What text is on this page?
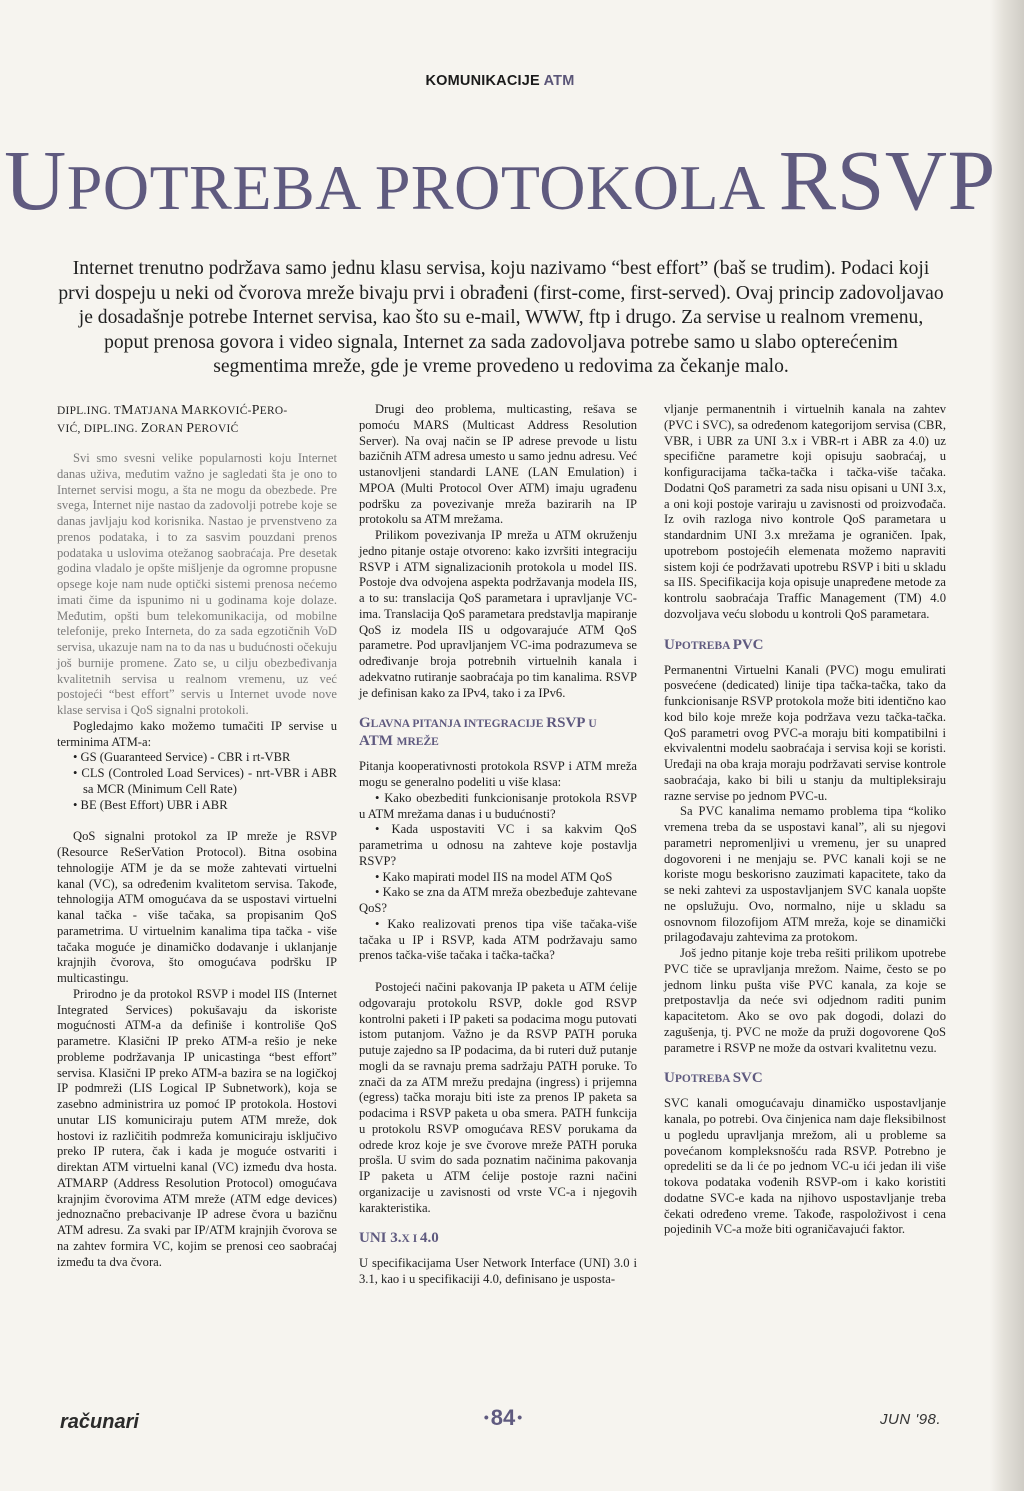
KOMUNIKACIJE ATM
UPOTREBA PROTOKOLA RSVP
Internet trenutno podržava samo jednu klasu servisa, koju nazivamo “best effort” (baš se trudim). Podaci koji prvi dospeju u neki od čvorova mreže bivaju prvi i obrađeni (first-come, first-served). Ovaj princip zadovoljavao je dosadašnje potrebe Internet servisa, kao što su e-mail, WWW, ftp i drugo. Za servise u realnom vremenu, poput prenosa govora i video signala, Internet za sada zadovoljava potrebe samo u slabo opterećenim segmentima mreže, gde je vreme provedeno u redovima za čekanje malo.

DIPL.ING. TMATJANA MARKOVIĆ-PERO-
VIĆ, DIPL.ING. ZORAN PEROVIĆ

Svi smo svesni velike popularnosti koju Internet danas uživa, međutim važno je sagledati šta je ono to Internet servisi mogu, a šta ne mogu da obezbede. Pre svega, Internet nije nastao da zadovolji potrebe koje se danas javljaju kod korisnika. Nastao je prvenstveno za prenos podataka, i to za sasvim pouzdani prenos podataka u uslovima otežanog saobraćaja. Pre desetak godina vladalo je opšte mišljenje da ogromne propusne opsege koje nam nude optički sistemi prenosa nećemo imati čime da ispunimo ni u godinama koje dolaze. Međutim, opšti bum telekomunikacija, od mobilne telefonije, preko Interneta, do za sada egzotičnih VoD servisa, ukazuje nam na to da nas u budućnosti očekuju još burnije promene. Zato se, u cilju obezbeđivanja kvalitetnih servisa u realnom vremenu, uz već postojeći “best effort” servis u Internet uvode nove klase servisa i QoS signalni protokoli.

Pogledajmo kako možemo tumačiti IP servise u terminima ATM-a:

• GS (Guaranteed Service) - CBR i rt-VBR

• CLS (Controled Load Services) - nrt-VBR i ABR sa MCR (Minimum Cell Rate)

• BE (Best Effort) UBR i ABR

QoS signalni protokol za IP mreže je RSVP (Resource ReSerVation Protocol). Bitna osobina tehnologije ATM je da se može zahtevati virtuelni kanal (VC), sa određenim kvalitetom servisa. Takođe, tehnologija ATM omogućava da se uspostavi virtuelni kanal tačka - više tačaka, sa propisanim QoS parametrima. U virtuelnim kanalima tipa tačka - više tačaka moguće je dinamičko dodavanje i uklanjanje krajnjih čvorova, što omogućava podršku IP multicastingu.

Prirodno je da protokol RSVP i model IIS (Internet Integrated Services) pokušavaju da iskoriste mogućnosti ATM-a da definiše i kontroliše QoS parametre. Klasični IP preko ATM-a rešio je neke probleme podržavanja IP unicastinga “best effort” servisa. Klasični IP preko ATM-a bazira se na logičkoj IP podmreži (LIS Logical IP Subnetwork), koja se zasebno administrira uz pomoć IP protokola. Hostovi unutar LIS komuniciraju putem ATM mreže, dok hostovi iz različitih podmreža komuniciraju isključivo preko IP rutera, čak i kada je moguće ostvariti i direktan ATM virtuelni kanal (VC) između dva hosta. ATMARP (Address Resolution Protocol) omogućava krajnjim čvorovima ATM mreže (ATM edge devices) jednoznačno prebacivanje IP adrese čvora u bazičnu ATM adresu. Za svaki par IP/ATM krajnjih čvorova se na zahtev formira VC, kojim se prenosi ceo saobraćaj između ta dva čvora.

Drugi deo problema, multicasting, rešava se pomoću MARS (Multicast Address Resolution Server). Na ovaj način se IP adrese prevode u listu bazičnih ATM adresa umesto u samo jednu adresu. Već ustanovljeni standardi LANE (LAN Emulation) i MPOA (Multi Protocol Over ATM) imaju ugrađenu podršku za povezivanje mreža bazirarih na IP protokolu sa ATM mrežama.

Prilikom povezivanja IP mreža u ATM okruženju jedno pitanje ostaje otvoreno: kako izvršiti integraciju RSVP i ATM signalizacionih protokola u model IIS. Postoje dva odvojena aspekta podržavanja modela IIS, a to su: translacija QoS parametara i upravljanje VC-ima. Translacija QoS parametara predstavlja mapiranje QoS iz modela IIS u odgovarajuće ATM QoS parametre. Pod upravljanjem VC-ima podrazumeva se određivanje broja potrebnih virtuelnih kanala i adekvatno rutiranje saobraćaja po tim kanalima. RSVP je definisan kako za IPv4, tako i za IPv6.

GLAVNA PITANJA INTEGRACIJE RSVP U
ATM MREŽE

Pitanja kooperativnosti protokola RSVP i ATM mreža mogu se generalno podeliti u više klasa:

• Kako obezbediti funkcionisanje protokola RSVP u ATM mrežama danas i u budućnosti?

• Kada uspostaviti VC i sa kakvim QoS parametrima u odnosu na zahteve koje postavlja RSVP?

• Kako mapirati model IIS na model ATM QoS

• Kako se zna da ATM mreža obezbeđuje zahtevane QoS?

• Kako realizovati prenos tipa više tačaka-više tačaka u IP i RSVP, kada ATM podržavaju samo prenos tačka-više tačaka i tačka-tačka?

Postojeći načini pakovanja IP paketa u ATM ćelije odgovaraju protokolu RSVP, dokle god RSVP kontrolni paketi i IP paketi sa podacima mogu putovati istom putanjom. Važno je da RSVP PATH poruka putuje zajedno sa IP podacima, da bi ruteri duž putanje mogli da se ravnaju prema sadržaju PATH poruke. To znači da za ATM mrežu predajna (ingress) i prijemna (egress) tačka moraju biti iste za prenos IP paketa sa podacima i RSVP paketa u oba smera. PATH funkcija u protokolu RSVP omogućava RESV porukama da odrede kroz koje je sve čvorove mreže PATH poruka prošla. U svim do sada poznatim načinima pakovanja IP paketa u ATM ćelije postoje razni načini organizacije u zavisnosti od vrste VC-a i njegovih karakteristika.

UNI 3.X I 4.0

U specifikacijama User Network Interface (UNI) 3.0 i 3.1, kao i u specifikaciji 4.0, definisano je usposta-

vljanje permanentnih i virtuelnih kanala na zahtev (PVC i SVC), sa određenom kategorijom servisa (CBR, VBR, i UBR za UNI 3.x i VBR-rt i ABR za 4.0) uz specifične parametre koji opisuju saobraćaj, u konfiguracijama tačka-tačka i tačka-više tačaka. Dodatni QoS parametri za sada nisu opisani u UNI 3.x, a oni koji postoje variraju u zavisnosti od proizvođača. Iz ovih razloga nivo kontrole QoS parametara u standardnim UNI 3.x mrežama je ograničen. Ipak, upotrebom postojećih elemenata možemo napraviti sistem koji će podržavati upotrebu RSVP i biti u skladu sa IIS. Specifikacija koja opisuje unapređene metode za kontrolu saobraćaja Traffic Management (TM) 4.0 dozvoljava veću slobodu u kontroli QoS parametara.

UPOTREBA PVC

Permanentni Virtuelni Kanali (PVC) mogu emulirati posvećene (dedicated) linije tipa tačka-tačka, tako da funkcionisanje RSVP protokola može biti identično kao kod bilo koje mreže koja podržava vezu tačka-tačka. QoS parametri ovog PVC-a moraju biti kompatibilni i ekvivalentni modelu saobraćaja i servisa koji se koristi. Uređaji na oba kraja moraju podržavati servise kontrole saobraćaja, kako bi bili u stanju da multipleksiraju razne servise po jednom PVC-u.

Sa PVC kanalima nemamo problema tipa “koliko vremena treba da se uspostavi kanal”, ali su njegovi parametri nepromenljivi u vremenu, jer su unapred dogovoreni i ne menjaju se. PVC kanali koji se ne koriste mogu beskorisno zauzimati kapacitete, tako da se neki zahtevi za uspostavljanjem SVC kanala uopšte ne opslužuju. Ovo, normalno, nije u skladu sa osnovnom filozofijom ATM mreža, koje se dinamički prilagođavaju zahtevima za protokom.

Još jedno pitanje koje treba rešiti prilikom upotrebe PVC tiče se upravljanja mrežom. Naime, često se po jednom linku pušta više PVC kanala, za koje se pretpostavlja da neće svi odjednom raditi punim kapacitetom. Ako se ovo pak dogodi, dolazi do zagušenja, tj. PVC ne može da pruži dogovorene QoS parametre i RSVP ne može da ostvari kvalitetnu vezu.

UPOTREBA SVC

SVC kanali omogućavaju dinamičko uspostavljanje kanala, po potrebi. Ova činjenica nam daje fleksibilnost u pogledu upravljanja mrežom, ali u probleme sa povećanom kompleksnošću rada RSVP. Potrebno je opredeliti se da li će po jednom VC-u ići jedan ili više tokova podataka vođenih RSVP-om i kako koristiti dodatne SVC-e kada na njihovo uspostavljanje treba čekati određeno vreme. Takođe, raspoloživost i cena pojedinih VC-a može biti ograničavajući faktor.

računari	•84 •	JUN '98.
